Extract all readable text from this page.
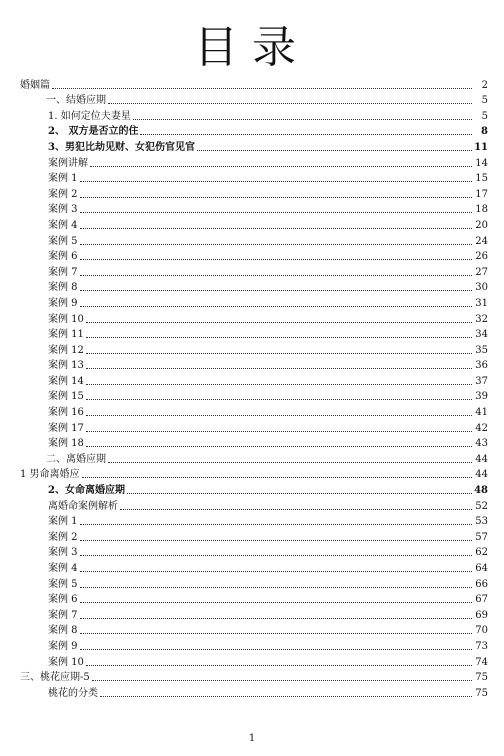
目录
婚姻篇	2
一、结婚应期	5
1. 如何定位夫妻星	5
2、 双方是否立的住	8
3、男犯比劫见财、女犯伤官见官	11
案例讲解	14
案例 1	15
案例 2	17
案例 3	18
案例 4	20
案例 5	24
案例 6	26
案例 7	27
案例 8	30
案例 9	31
案例 10	32
案例 11	34
案例 12	35
案例 13	36
案例 14	37
案例 15	39
案例 16	41
案例 17	42
案例 18	43
二、离婚应期	44
1 男命离婚应	44
2、女命离婚应期	48
离婚命案例解析	52
案例 1	53
案例 2	57
案例 3	62
案例 4	64
案例 5	66
案例 6	67
案例 7	69
案例 8	70
案例 9	73
案例 10	74
三、桃花应期-5	75
桃花的分类	75
1
